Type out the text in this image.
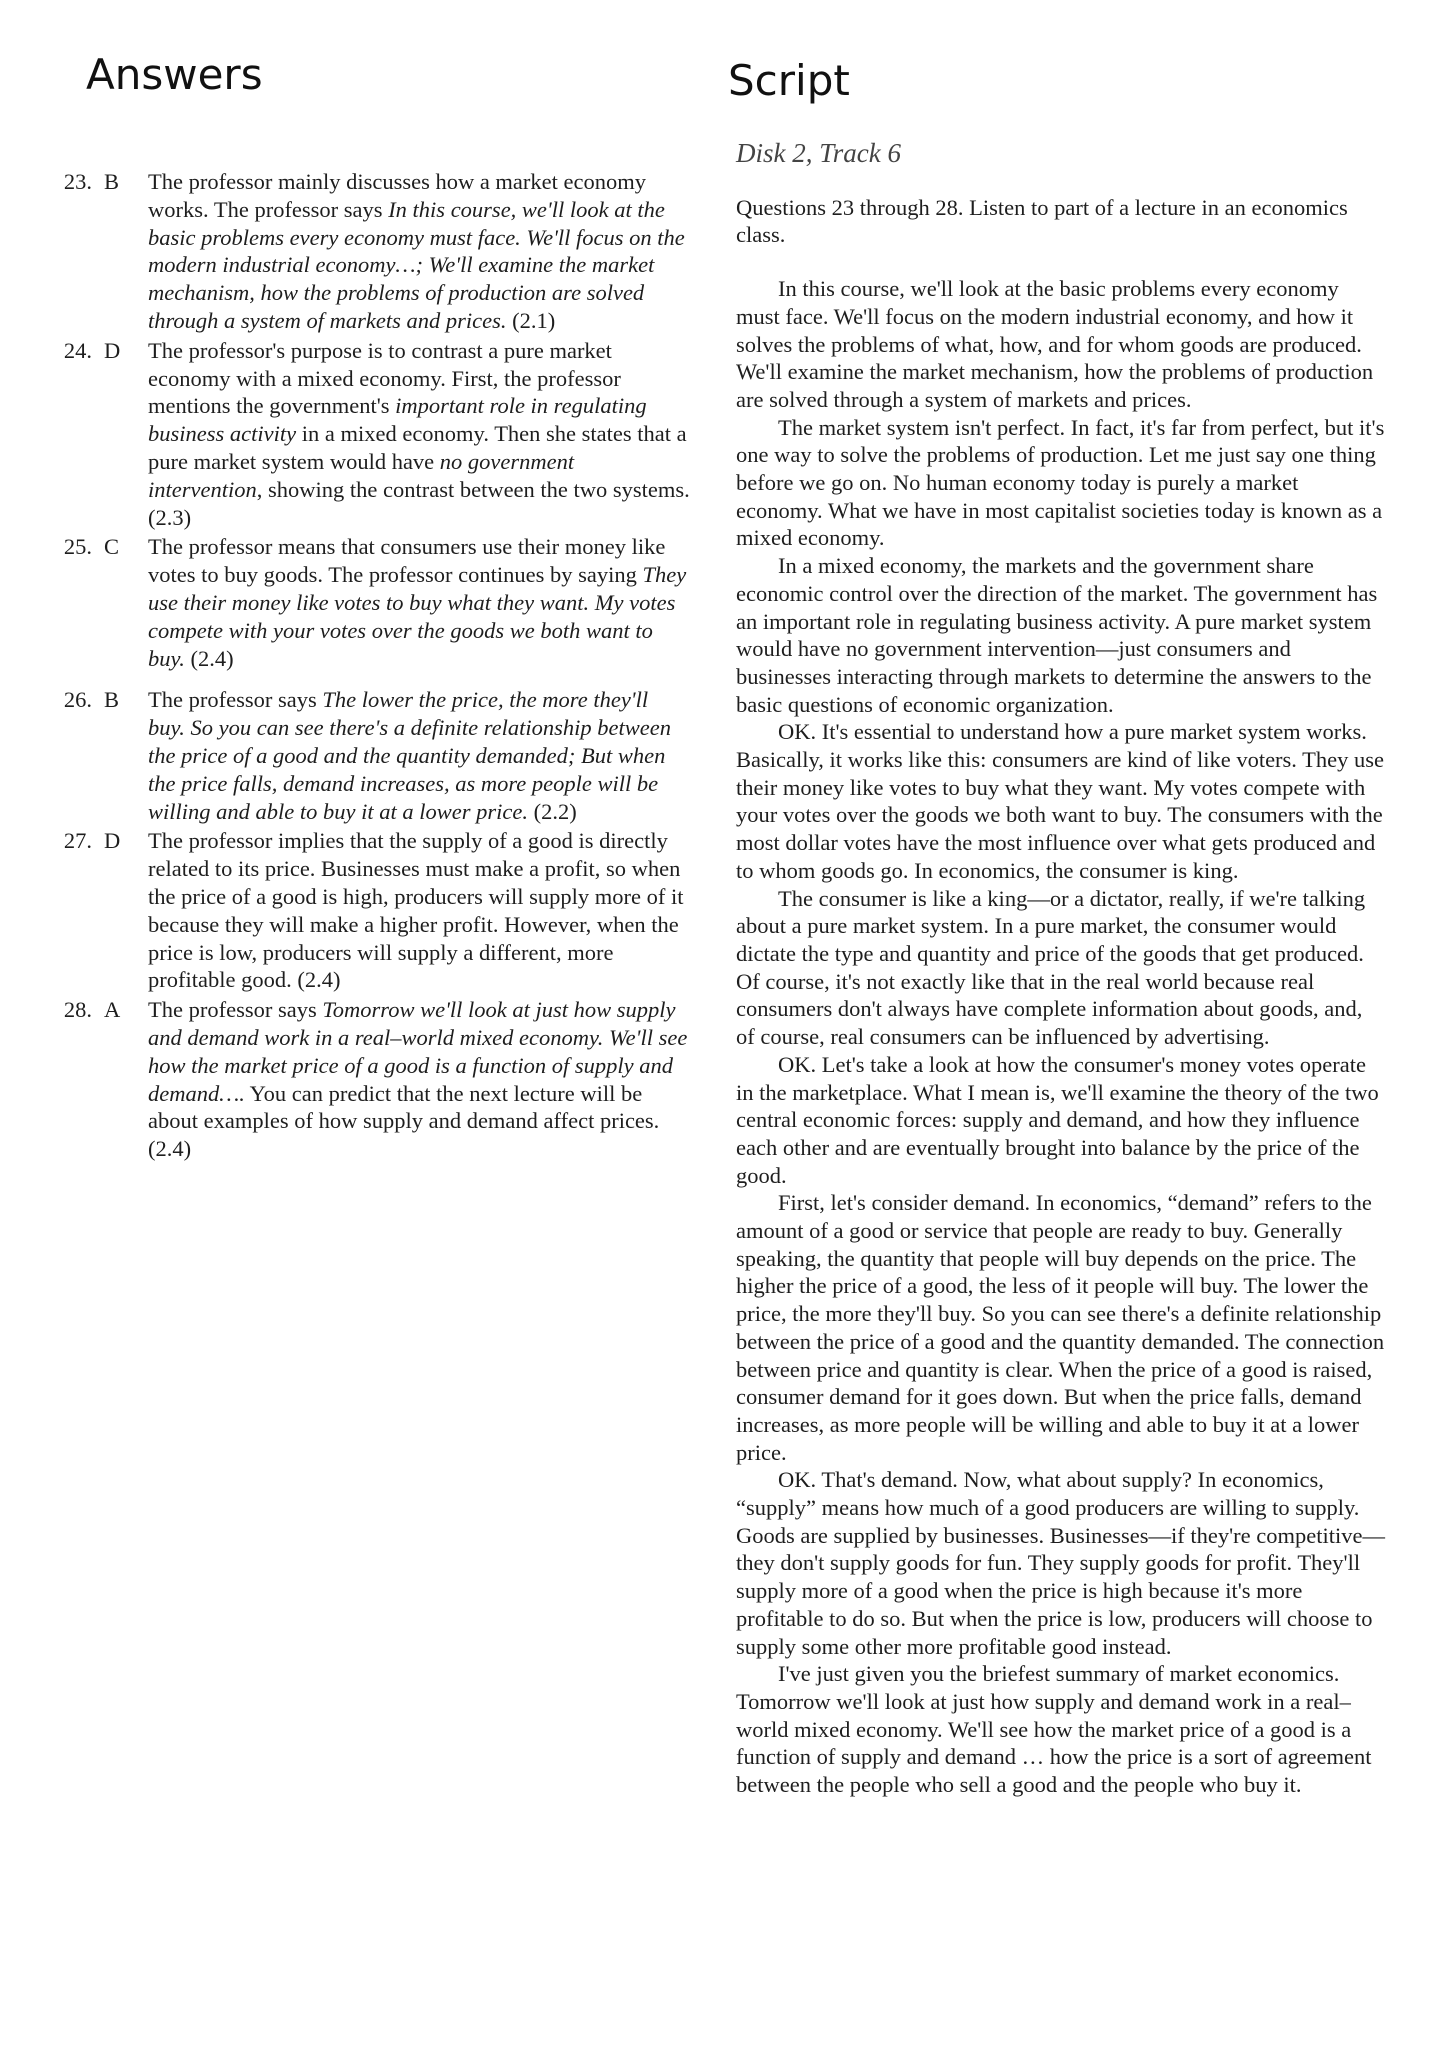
Answers	Script
23. B	The professor mainly discusses how a market economy works. The professor says In this course, we'll look at the basic problems every economy must face. We'll focus on the modern industrial economy…; We'll examine the market mechanism, how the problems of production are solved through a system of markets and prices. (2.1)
24. D	The professor's purpose is to contrast a pure market economy with a mixed economy. First, the professor mentions the government's important role in regulating business activity in a mixed economy. Then she states that a pure market system would have no government intervention, showing the contrast between the two systems. (2.3)
25. C	The professor means that consumers use their money like votes to buy goods. The professor continues by saying They use their money like votes to buy what they want. My votes compete with your votes over the goods we both want to buy. (2.4)
26. B	The professor says The lower the price, the more they'll buy. So you can see there's a definite relationship between the price of a good and the quantity demanded; But when the price falls, demand increases, as more people will be willing and able to buy it at a lower price. (2.2)
27. D	The professor implies that the supply of a good is directly related to its price. Businesses must make a profit, so when the price of a good is high, producers will supply more of it because they will make a higher profit. However, when the price is low, producers will supply a different, more profitable good. (2.4)
28. A	The professor says Tomorrow we'll look at just how supply and demand work in a real–world mixed economy. We'll see how the market price of a good is a function of supply and demand…. You can predict that the next lecture will be about examples of how supply and demand affect prices. (2.4)

Disk 2, Track 6

Questions 23 through 28. Listen to part of a lecture in an economics class.

In this course, we'll look at the basic problems every economy must face. We'll focus on the modern industrial economy, and how it solves the problems of what, how, and for whom goods are produced. We'll examine the market mechanism, how the problems of production are solved through a system of markets and prices.

The market system isn't perfect. In fact, it's far from perfect, but it's one way to solve the problems of production. Let me just say one thing before we go on. No human economy today is purely a market economy. What we have in most capitalist societies today is known as a mixed economy.

In a mixed economy, the markets and the government share economic control over the direction of the market. The government has an important role in regulating business activity. A pure market system would have no government intervention—just consumers and businesses interacting through markets to determine the answers to the basic questions of economic organization.

OK. It's essential to understand how a pure market system works. Basically, it works like this: consumers are kind of like voters. They use their money like votes to buy what they want. My votes compete with your votes over the goods we both want to buy. The consumers with the most dollar votes have the most influence over what gets produced and to whom goods go. In economics, the consumer is king.

The consumer is like a king—or a dictator, really, if we're talking about a pure market system. In a pure market, the consumer would dictate the type and quantity and price of the goods that get produced. Of course, it's not exactly like that in the real world because real consumers don't always have complete information about goods, and, of course, real consumers can be influenced by advertising.

OK. Let's take a look at how the consumer's money votes operate in the marketplace. What I mean is, we'll examine the theory of the two central economic forces: supply and demand, and how they influence each other and are eventually brought into balance by the price of the good.

First, let's consider demand. In economics, “demand” refers to the amount of a good or service that people are ready to buy. Generally speaking, the quantity that people will buy depends on the price. The higher the price of a good, the less of it people will buy. The lower the price, the more they'll buy. So you can see there's a definite relationship between the price of a good and the quantity demanded. The connection between price and quantity is clear. When the price of a good is raised, consumer demand for it goes down. But when the price falls, demand increases, as more people will be willing and able to buy it at a lower price.

OK. That's demand. Now, what about supply? In economics, “supply” means how much of a good producers are willing to supply. Goods are supplied by businesses. Businesses—if they're competitive—they don't supply goods for fun. They supply goods for profit. They'll supply more of a good when the price is high because it's more profitable to do so. But when the price is low, producers will choose to supply some other more profitable good instead.

I've just given you the briefest summary of market economics. Tomorrow we'll look at just how supply and demand work in a real–world mixed economy. We'll see how the market price of a good is a function of supply and demand … how the price is a sort of agreement between the people who sell a good and the people who buy it.
